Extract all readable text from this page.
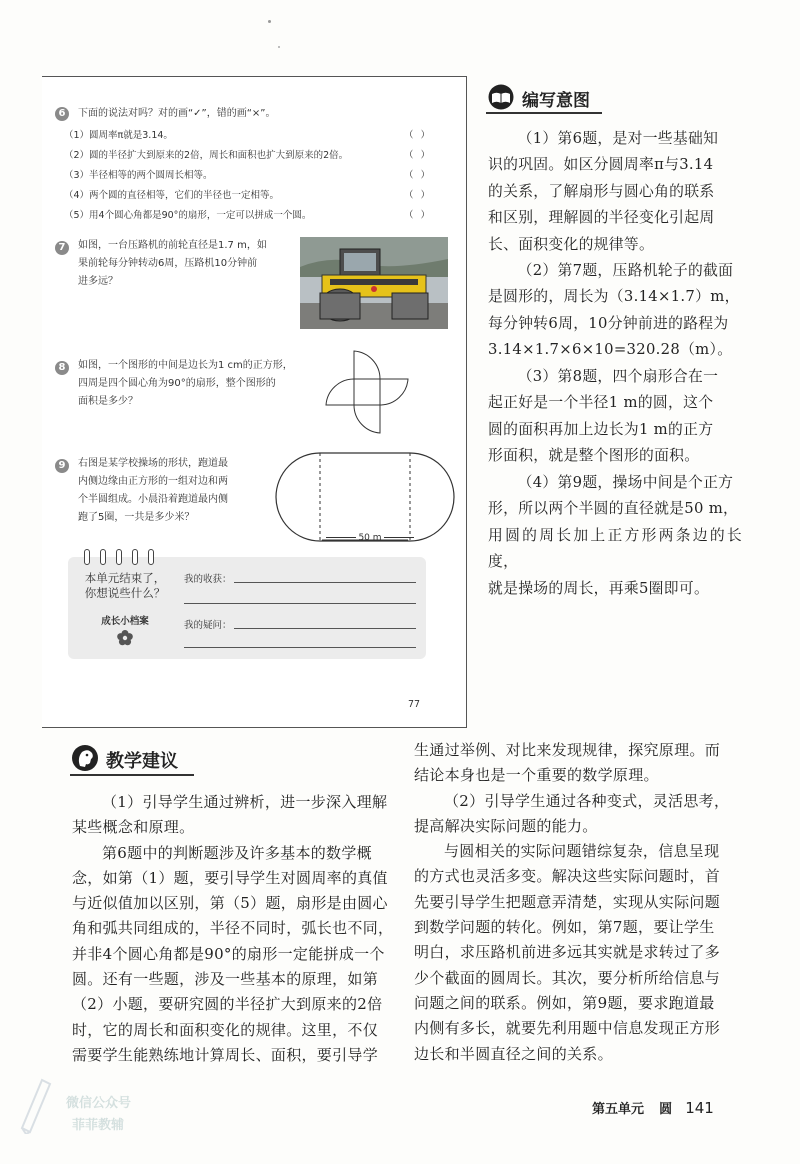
6	下面的说法对吗？对的画“✓”，错的画“×”。
（1）圆周率π就是3.14。	（ ）
（2）圆的半径扩大到原来的2倍，周长和面积也扩大到原来的2倍。	（ ）
（3）半径相等的两个圆周长相等。	（ ）
（4）两个圆的直径相等，它们的半径也一定相等。	（ ）
（5）用4个圆心角都是90°的扇形，一定可以拼成一个圆。	（ ）
7	如图，一台压路机的前轮直径是1.7 m，如
果前轮每分钟转动6周，压路机10分钟前
进多远？
8	如图，一个图形的中间是边长为1 cm的正方形，
四周是四个圆心角为90°的扇形，整个图形的
面积是多少？
9	右图是某学校操场的形状，跑道最
内侧边缘由正方形的一组对边和两
个半圆组成。小晨沿着跑道最内侧
跑了5圈，一共是多少米？
50 m
本单元结束了，
你想说些什么？
成长小档案
我的收获：
我的疑问：
77
编写意图
（1）第6题，是对一些基础知
识的巩固。如区分圆周率π与3.14
的关系，了解扇形与圆心角的联系
和区别，理解圆的半径变化引起周
长、面积变化的规律等。
（2）第7题，压路机轮子的截面
是圆形的，周长为（3.14×1.7）m，
每分钟转6周，10分钟前进的路程为
3.14×1.7×6×10=320.28（m）。
（3）第8题，四个扇形合在一
起正好是一个半径1 m的圆，这个
圆的面积再加上边长为1 m的正方
形面积，就是整个图形的面积。
（4）第9题，操场中间是个正方
形，所以两个半圆的直径就是50 m，
用圆的周长加上正方形两条边的长度，
就是操场的周长，再乘5圈即可。
教学建议
（1）引导学生通过辨析，进一步深入理解
某些概念和原理。
第6题中的判断题涉及许多基本的数学概
念，如第（1）题，要引导学生对圆周率的真值
与近似值加以区别，第（5）题，扇形是由圆心
角和弧共同组成的，半径不同时，弧长也不同，
并非4个圆心角都是90°的扇形一定能拼成一个
圆。还有一些题，涉及一些基本的原理，如第
（2）小题，要研究圆的半径扩大到原来的2倍
时，它的周长和面积变化的规律。这里，不仅
需要学生能熟练地计算周长、面积，要引导学
生通过举例、对比来发现规律，探究原理。而
结论本身也是一个重要的数学原理。
（2）引导学生通过各种变式，灵活思考，
提高解决实际问题的能力。
与圆相关的实际问题错综复杂，信息呈现
的方式也灵活多变。解决这些实际问题时，首
先要引导学生把题意弄清楚，实现从实际问题
到数学问题的转化。例如，第7题，要让学生
明白，求压路机前进多远其实就是求转过了多
少个截面的圆周长。其次，要分析所给信息与
问题之间的联系。例如，第9题，要求跑道最
内侧有多长，就要先利用题中信息发现正方形
边长和半圆直径之间的关系。
第五单元 圆 141
微信公众号
菲菲教辅
